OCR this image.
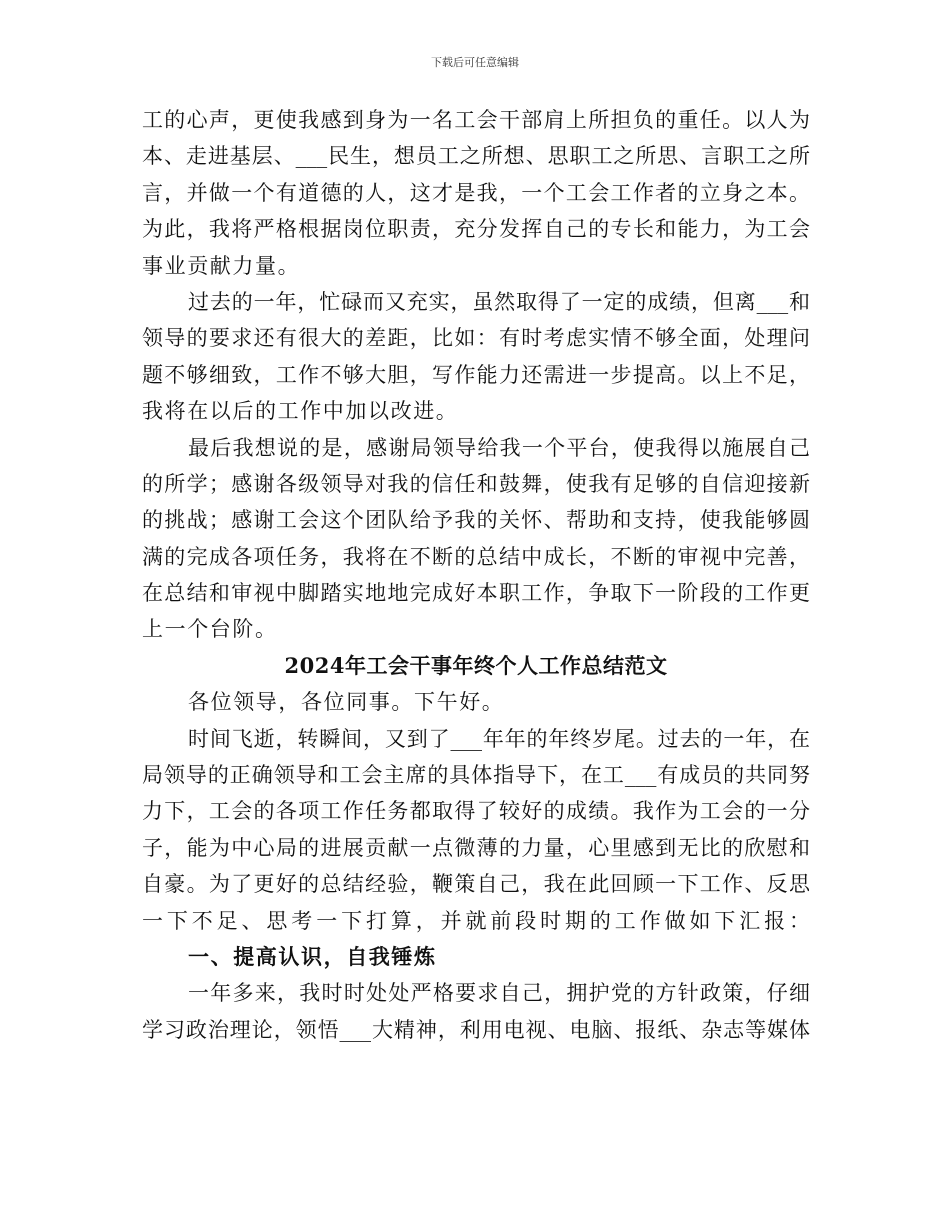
下载后可任意编辑
工的心声，更使我感到身为一名工会干部肩上所担负的重任。以人为
本、走进基层、___民生，想员工之所想、思职工之所思、言职工之所
言，并做一个有道德的人，这才是我，一个工会工作者的立身之本。
为此，我将严格根据岗位职责，充分发挥自己的专长和能力，为工会
事业贡献力量。
过去的一年，忙碌而又充实，虽然取得了一定的成绩，但离___和
领导的要求还有很大的差距，比如：有时考虑实情不够全面，处理问
题不够细致，工作不够大胆，写作能力还需进一步提高。以上不足，
我将在以后的工作中加以改进。
最后我想说的是，感谢局领导给我一个平台，使我得以施展自己
的所学；感谢各级领导对我的信任和鼓舞，使我有足够的自信迎接新
的挑战；感谢工会这个团队给予我的关怀、帮助和支持，使我能够圆
满的完成各项任务，我将在不断的总结中成长，不断的审视中完善，
在总结和审视中脚踏实地地完成好本职工作，争取下一阶段的工作更
上一个台阶。
2024年工会干事年终个人工作总结范文
各位领导，各位同事。下午好。
时间飞逝，转瞬间，又到了___年年的年终岁尾。过去的一年，在
局领导的正确领导和工会主席的具体指导下，在工___有成员的共同努
力下，工会的各项工作任务都取得了较好的成绩。我作为工会的一分
子，能为中心局的进展贡献一点微薄的力量，心里感到无比的欣慰和
自豪。为了更好的总结经验，鞭策自己，我在此回顾一下工作、反思
一下不足、思考一下打算，并就前段时期的工作做如下汇报：
一、提高认识，自我锤炼
一年多来，我时时处处严格要求自己，拥护党的方针政策，仔细
学习政治理论，领悟___大精神，利用电视、电脑、报纸、杂志等媒体
